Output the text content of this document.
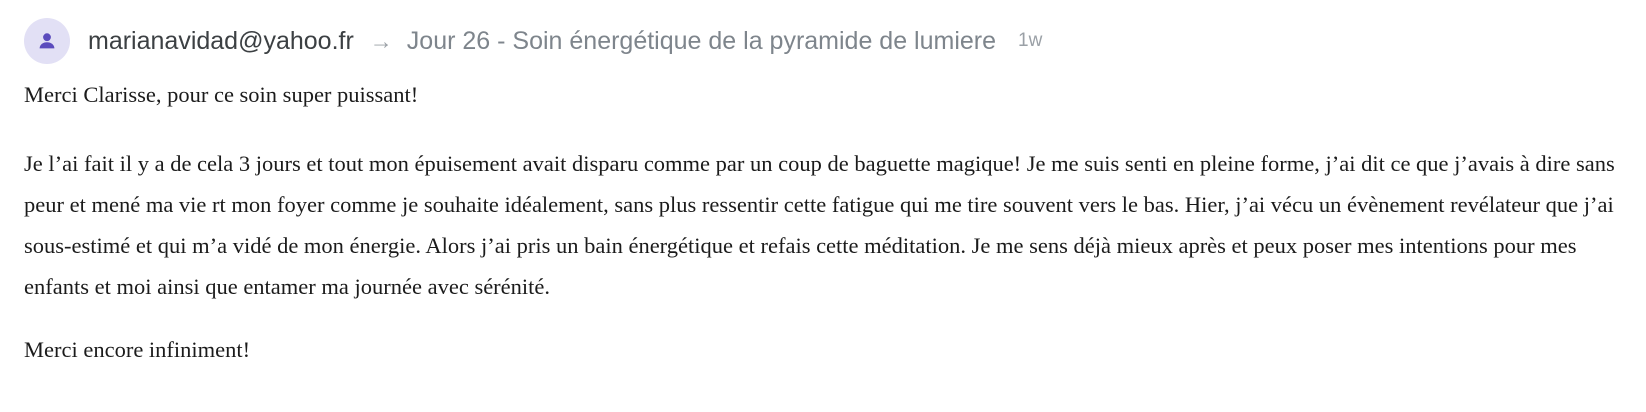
marianavidad@yahoo.fr → Jour 26 - Soin énergétique de la pyramide de lumiere 1w

Merci Clarisse, pour ce soin super puissant!

Je l’ai fait il y a de cela 3 jours et tout mon épuisement avait disparu comme par un coup de baguette magique! Je me suis senti en pleine forme, j’ai dit ce que j’avais à dire sans peur et mené ma vie rt mon foyer comme je souhaite idéalement, sans plus ressentir cette fatigue qui me tire souvent vers le bas. Hier, j’ai vécu un évènement revélateur que j’ai sous-estimé et qui m’a vidé de mon énergie. Alors j’ai pris un bain énergétique et refais cette méditation. Je me sens déjà mieux après et peux poser mes intentions pour mes enfants et moi ainsi que entamer ma journée avec sérénité.

Merci encore infiniment!
